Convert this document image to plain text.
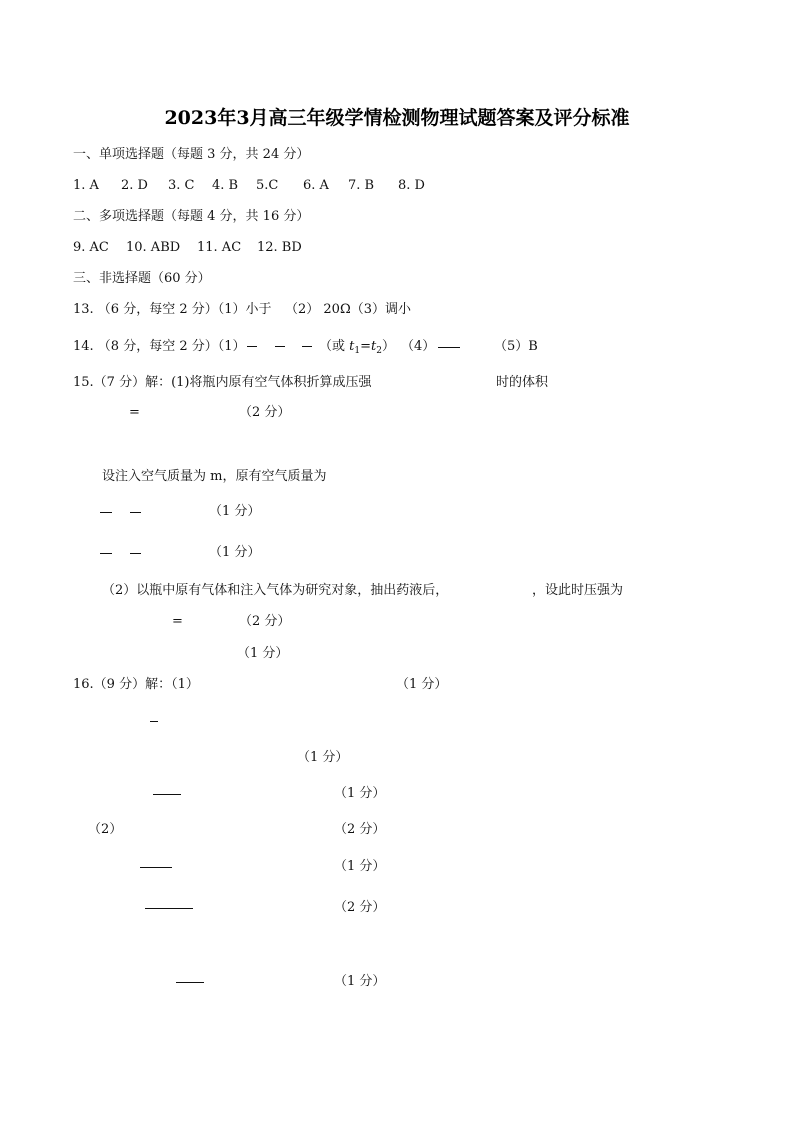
2023年3月高三年级学情检测物理试题答案及评分标准
一、单项选择题（每题 3 分，共 24 分）
1. A 2. D 3. C 4. B 5.C 6. A 7. B 8. D
二、多项选择题（每题 4 分，共 16 分）
9. AC 10. ABD 11. AC 12. BD
三、非选择题（60 分）
13. （6 分，每空 2 分）（1）小于 （2） 20Ω（3）调小
14. （8 分，每空 2 分）（1）	（或 $t_1=t_2$） （4）	（5）B
15.（7 分）解：(1)将瓶内原有空气体积折算成压强	时的体积
=	（2 分）
设注入空气质量为 m，原有空气质量为
（1 分）
（1 分）
（2）以瓶中原有气体和注入气体为研究对象，抽出药液后，	，设此时压强为
=	（2 分）
（1 分）
16.（9 分）解：（1）	（1 分）
（1 分）
（1 分）
（2）	（2 分）
（1 分）
（2 分）
（1 分）
